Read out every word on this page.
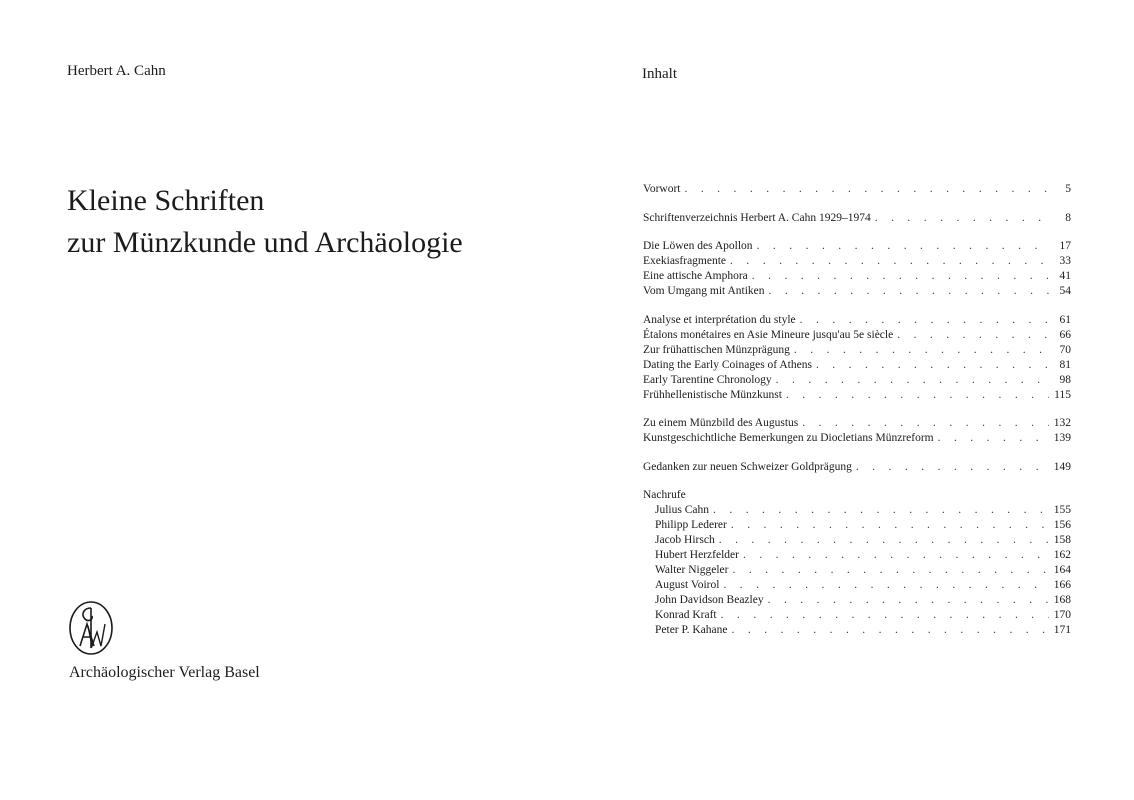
Herbert A. Cahn
Kleine Schriften
zur Münzkunde und Archäologie
Archäologischer Verlag Basel
Inhalt
Vorwort . . .	5
Schriftenverzeichnis Herbert A. Cahn 1929–1974 . . .	8
Die Löwen des Apollon . . .	17
Exekiasfragmente . . .	33
Eine attische Amphora . . .	41
Vom Umgang mit Antiken . . .	54
Analyse et interprétation du style . . .	61
Étalons monétaires en Asie Mineure jusqu'au 5e siècle . . .	66
Zur frühattischen Münzprägung . . .	70
Dating the Early Coinages of Athens . . .	81
Early Tarentine Chronology . . .	98
Frühhellenistische Münzkunst . . .	115
Zu einem Münzbild des Augustus . . .	132
Kunstgeschichtliche Bemerkungen zu Diocletians Münzreform . . .	139
Gedanken zur neuen Schweizer Goldprägung . . .	149
Nachrufe
Julius Cahn . . .	155
Philipp Lederer . . .	156
Jacob Hirsch . . .	158
Hubert Herzfelder . . .	162
Walter Niggeler . . .	164
August Voirol . . .	166
John Davidson Beazley . . .	168
Konrad Kraft . . .	170
Peter P. Kahane . . .	171
